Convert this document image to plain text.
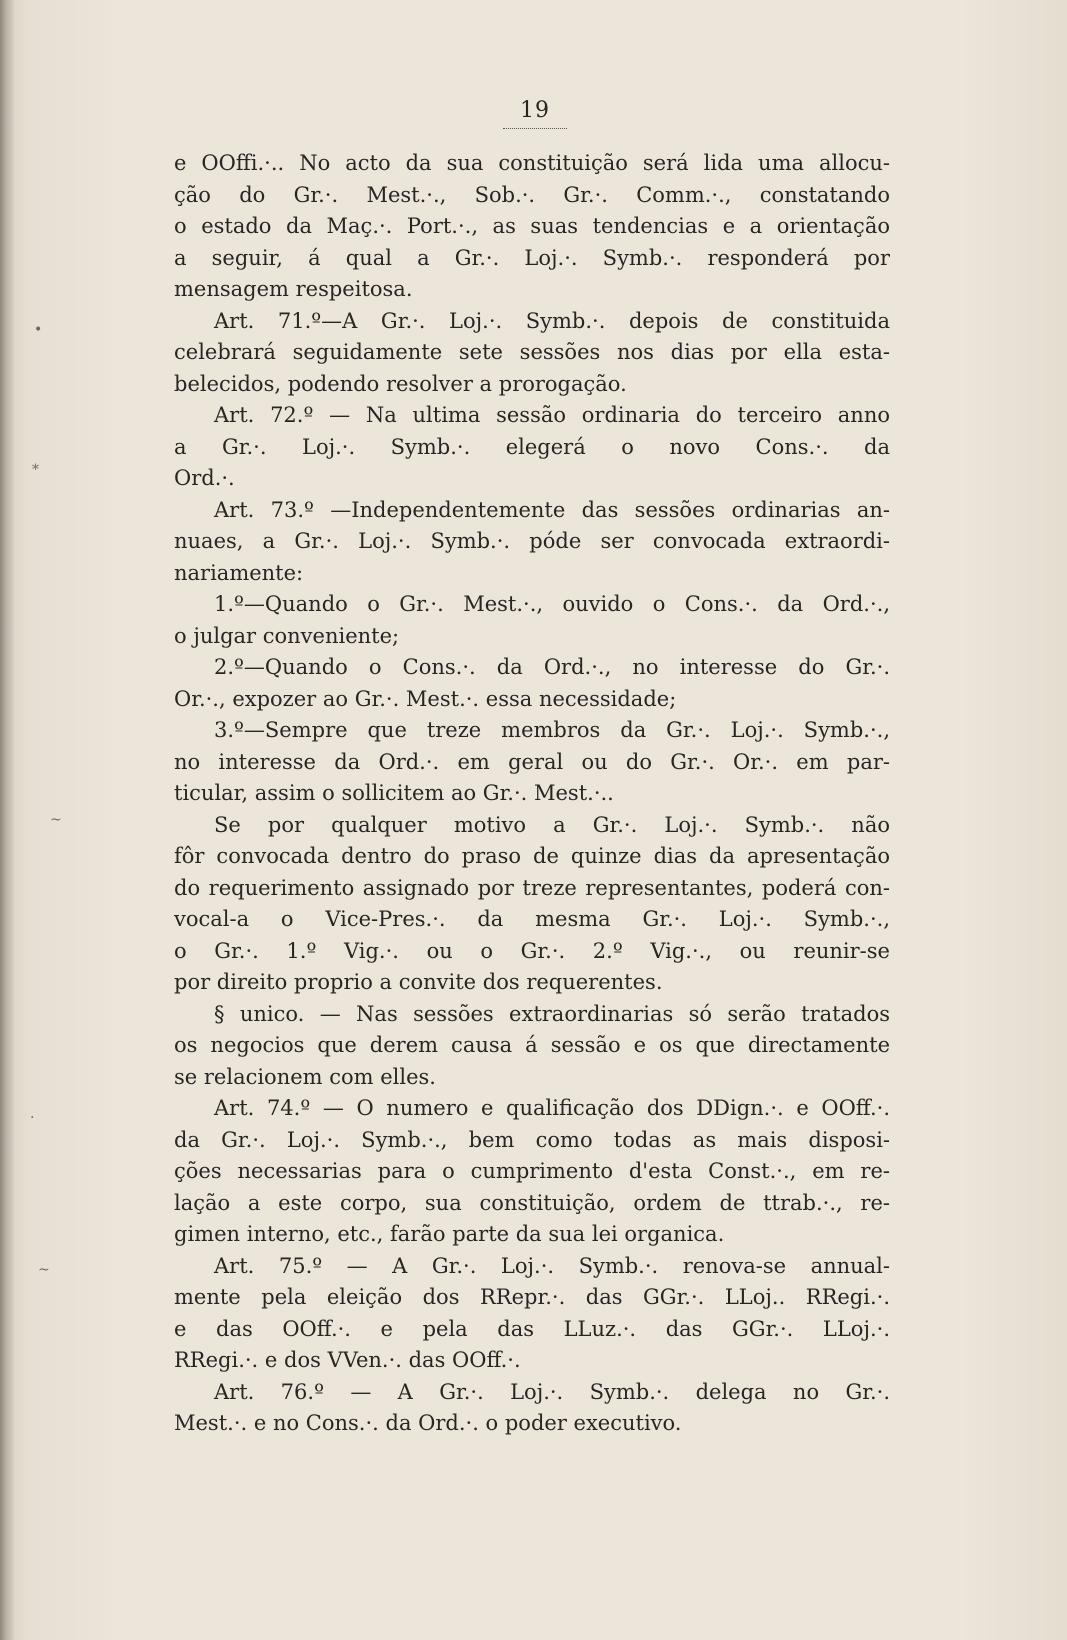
•
*
~
·
~
19
e OOffi.·.. No acto da sua constituição será lida uma allocu-
ção do Gr.·. Mest.·., Sob.·. Gr.·. Comm.·., constatando
o estado da Maç.·. Port.·., as suas tendencias e a orientação
a seguir, á qual a Gr.·. Loj.·. Symb.·. responderá por
mensagem respeitosa.
Art. 71.º—A Gr.·. Loj.·. Symb.·. depois de constituida
celebrará seguidamente sete sessões nos dias por ella esta-
belecidos, podendo resolver a prorogação.
Art. 72.º — Na ultima sessão ordinaria do terceiro anno
a Gr.·. Loj.·. Symb.·. elegerá o novo Cons.·. da
Ord.·.
Art. 73.º —Independentemente das sessões ordinarias an-
nuaes, a Gr.·. Loj.·. Symb.·. póde ser convocada extraordi-
nariamente:
1.º—Quando o Gr.·. Mest.·., ouvido o Cons.·. da Ord.·.,
o julgar conveniente;
2.º—Quando o Cons.·. da Ord.·., no interesse do Gr.·.
Or.·., expozer ao Gr.·. Mest.·. essa necessidade;
3.º—Sempre que treze membros da Gr.·. Loj.·. Symb.·.,
no interesse da Ord.·. em geral ou do Gr.·. Or.·. em par-
ticular, assim o sollicitem ao Gr.·. Mest.·..
Se por qualquer motivo a Gr.·. Loj.·. Symb.·. não
fôr convocada dentro do praso de quinze dias da apresentação
do requerimento assignado por treze representantes, poderá con-
vocal-a o Vice-Pres.·. da mesma Gr.·. Loj.·. Symb.·.,
o Gr.·. 1.º Vig.·. ou o Gr.·. 2.º Vig.·., ou reunir-se
por direito proprio a convite dos requerentes.
§ unico. — Nas sessões extraordinarias só serão tratados
os negocios que derem causa á sessão e os que directamente
se relacionem com elles.
Art. 74.º — O numero e qualificação dos DDign.·. e OOff.·.
da Gr.·. Loj.·. Symb.·., bem como todas as mais disposi-
ções necessarias para o cumprimento d'esta Const.·., em re-
lação a este corpo, sua constituição, ordem de ttrab.·., re-
gimen interno, etc., farão parte da sua lei organica.
Art. 75.º — A Gr.·. Loj.·. Symb.·. renova-se annual-
mente pela eleição dos RRepr.·. das GGr.·. LLoj.. RRegi.·.
e das OOff.·. e pela das LLuz.·. das GGr.·. LLoj.·.
RRegi.·. e dos VVen.·. das OOff.·.
Art. 76.º — A Gr.·. Loj.·. Symb.·. delega no Gr.·.
Mest.·. e no Cons.·. da Ord.·. o poder executivo.
